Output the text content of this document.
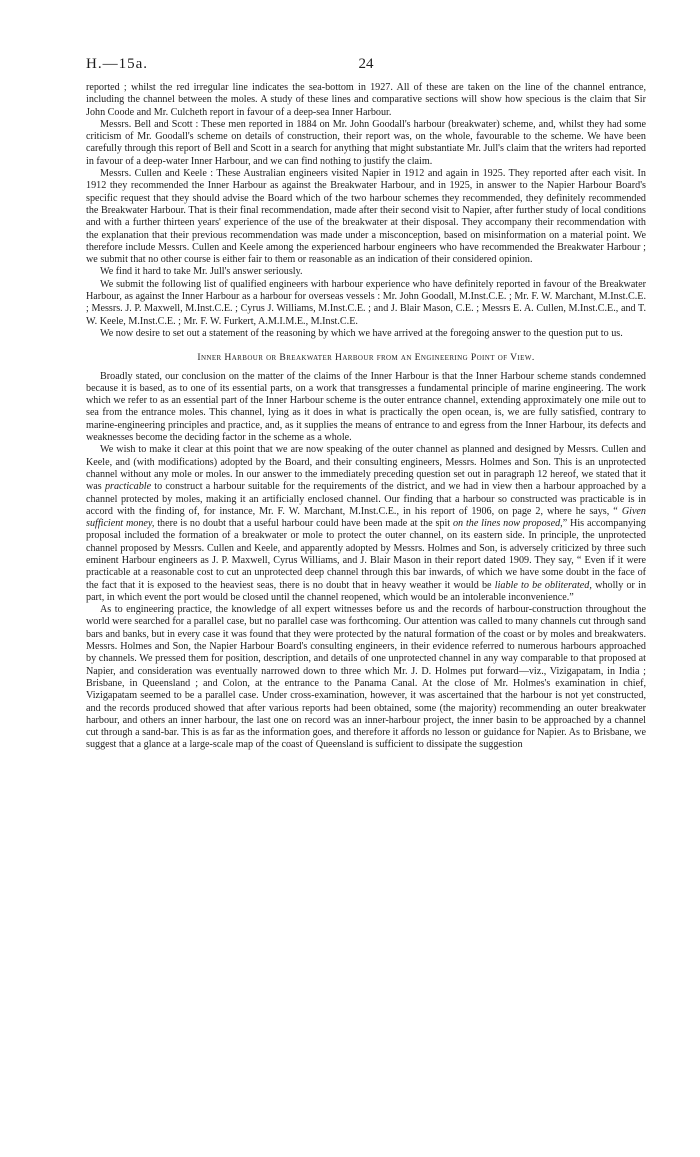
H.—15a.	24

reported ; whilst the red irregular line indicates the sea-bottom in 1927. All of these are taken on the line of the channel entrance, including the channel between the moles. A study of these lines and comparative sections will show how specious is the claim that Sir John Coode and Mr. Culcheth report in favour of a deep-sea Inner Harbour.

Messrs. Bell and Scott : These men reported in 1884 on Mr. John Goodall's harbour (breakwater) scheme, and, whilst they had some criticism of Mr. Goodall's scheme on details of construction, their report was, on the whole, favourable to the scheme. We have been carefully through this report of Bell and Scott in a search for anything that might substantiate Mr. Jull's claim that the writers had reported in favour of a deep-water Inner Harbour, and we can find nothing to justify the claim.

Messrs. Cullen and Keele : These Australian engineers visited Napier in 1912 and again in 1925. They reported after each visit. In 1912 they recommended the Inner Harbour as against the Breakwater Harbour, and in 1925, in answer to the Napier Harbour Board's specific request that they should advise the Board which of the two harbour schemes they recommended, they definitely recommended the Breakwater Harbour. That is their final recommendation, made after their second visit to Napier, after further study of local conditions and with a further thirteen years' experience of the use of the breakwater at their disposal. They accompany their recommendation with the explanation that their previous recommendation was made under a misconception, based on misinformation on a material point. We therefore include Messrs. Cullen and Keele among the experienced harbour engineers who have recommended the Breakwater Harbour ; we submit that no other course is either fair to them or reasonable as an indication of their considered opinion.

We find it hard to take Mr. Jull's answer seriously.

We submit the following list of qualified engineers with harbour experience who have definitely reported in favour of the Breakwater Harbour, as against the Inner Harbour as a harbour for overseas vessels : Mr. John Goodall, M.Inst.C.E. ; Mr. F. W. Marchant, M.Inst.C.E. ; Messrs. J. P. Maxwell, M.Inst.C.E. ; Cyrus J. Williams, M.Inst.C.E. ; and J. Blair Mason, C.E. ; Messrs E. A. Cullen, M.Inst.C.E., and T. W. Keele, M.Inst.C.E. ; Mr. F. W. Furkert, A.M.I.M.E., M.Inst.C.E.

We now desire to set out a statement of the reasoning by which we have arrived at the foregoing answer to the question put to us.

Inner Harbour or Breakwater Harbour from an Engineering Point of View.

Broadly stated, our conclusion on the matter of the claims of the Inner Harbour is that the Inner Harbour scheme stands condemned because it is based, as to one of its essential parts, on a work that transgresses a fundamental principle of marine engineering. The work which we refer to as an essential part of the Inner Harbour scheme is the outer entrance channel, extending approximately one mile out to sea from the entrance moles. This channel, lying as it does in what is practically the open ocean, is, we are fully satisfied, contrary to marine-engineering principles and practice, and, as it supplies the means of entrance to and egress from the Inner Harbour, its defects and weaknesses become the deciding factor in the scheme as a whole.

We wish to make it clear at this point that we are now speaking of the outer channel as planned and designed by Messrs. Cullen and Keele, and (with modifications) adopted by the Board, and their consulting engineers, Messrs. Holmes and Son. This is an unprotected channel without any mole or moles. In our answer to the immediately preceding question set out in paragraph 12 hereof, we stated that it was practicable to construct a harbour suitable for the requirements of the district, and we had in view then a harbour approached by a channel protected by moles, making it an artificially enclosed channel. Our finding that a harbour so constructed was practicable is in accord with the finding of, for instance, Mr. F. W. Marchant, M.Inst.C.E., in his report of 1906, on page 2, where he says, “ Given sufficient money, there is no doubt that a useful harbour could have been made at the spit on the lines now proposed,” His accompanying proposal included the formation of a breakwater or mole to protect the outer channel, on its eastern side. In principle, the unprotected channel proposed by Messrs. Cullen and Keele, and apparently adopted by Messrs. Holmes and Son, is adversely criticized by three such eminent Harbour engineers as J. P. Maxwell, Cyrus Williams, and J. Blair Mason in their report dated 1909. They say, “ Even if it were practicable at a reasonable cost to cut an unprotected deep channel through this bar inwards, of which we have some doubt in the face of the fact that it is exposed to the heaviest seas, there is no doubt that in heavy weather it would be liable to be obliterated, wholly or in part, in which event the port would be closed until the channel reopened, which would be an intolerable inconvenience.”

As to engineering practice, the knowledge of all expert witnesses before us and the records of harbour-construction throughout the world were searched for a parallel case, but no parallel case was forthcoming. Our attention was called to many channels cut through sand bars and banks, but in every case it was found that they were protected by the natural formation of the coast or by moles and breakwaters. Messrs. Holmes and Son, the Napier Harbour Board's consulting engineers, in their evidence referred to numerous harbours approached by channels. We pressed them for position, description, and details of one unprotected channel in any way comparable to that proposed at Napier, and consideration was eventually narrowed down to three which Mr. J. D. Holmes put forward—viz., Vizigapatam, in India ; Brisbane, in Queensland ; and Colon, at the entrance to the Panama Canal. At the close of Mr. Holmes's examination in chief, Vizigapatam seemed to be a parallel case. Under cross-examination, however, it was ascertained that the harbour is not yet constructed, and the records produced showed that after various reports had been obtained, some (the majority) recommending an outer breakwater harbour, and others an inner harbour, the last one on record was an inner-harbour project, the inner basin to be approached by a channel cut through a sand-bar. This is as far as the information goes, and therefore it affords no lesson or guidance for Napier. As to Brisbane, we suggest that a glance at a large-scale map of the coast of Queensland is sufficient to dissipate the suggestion
